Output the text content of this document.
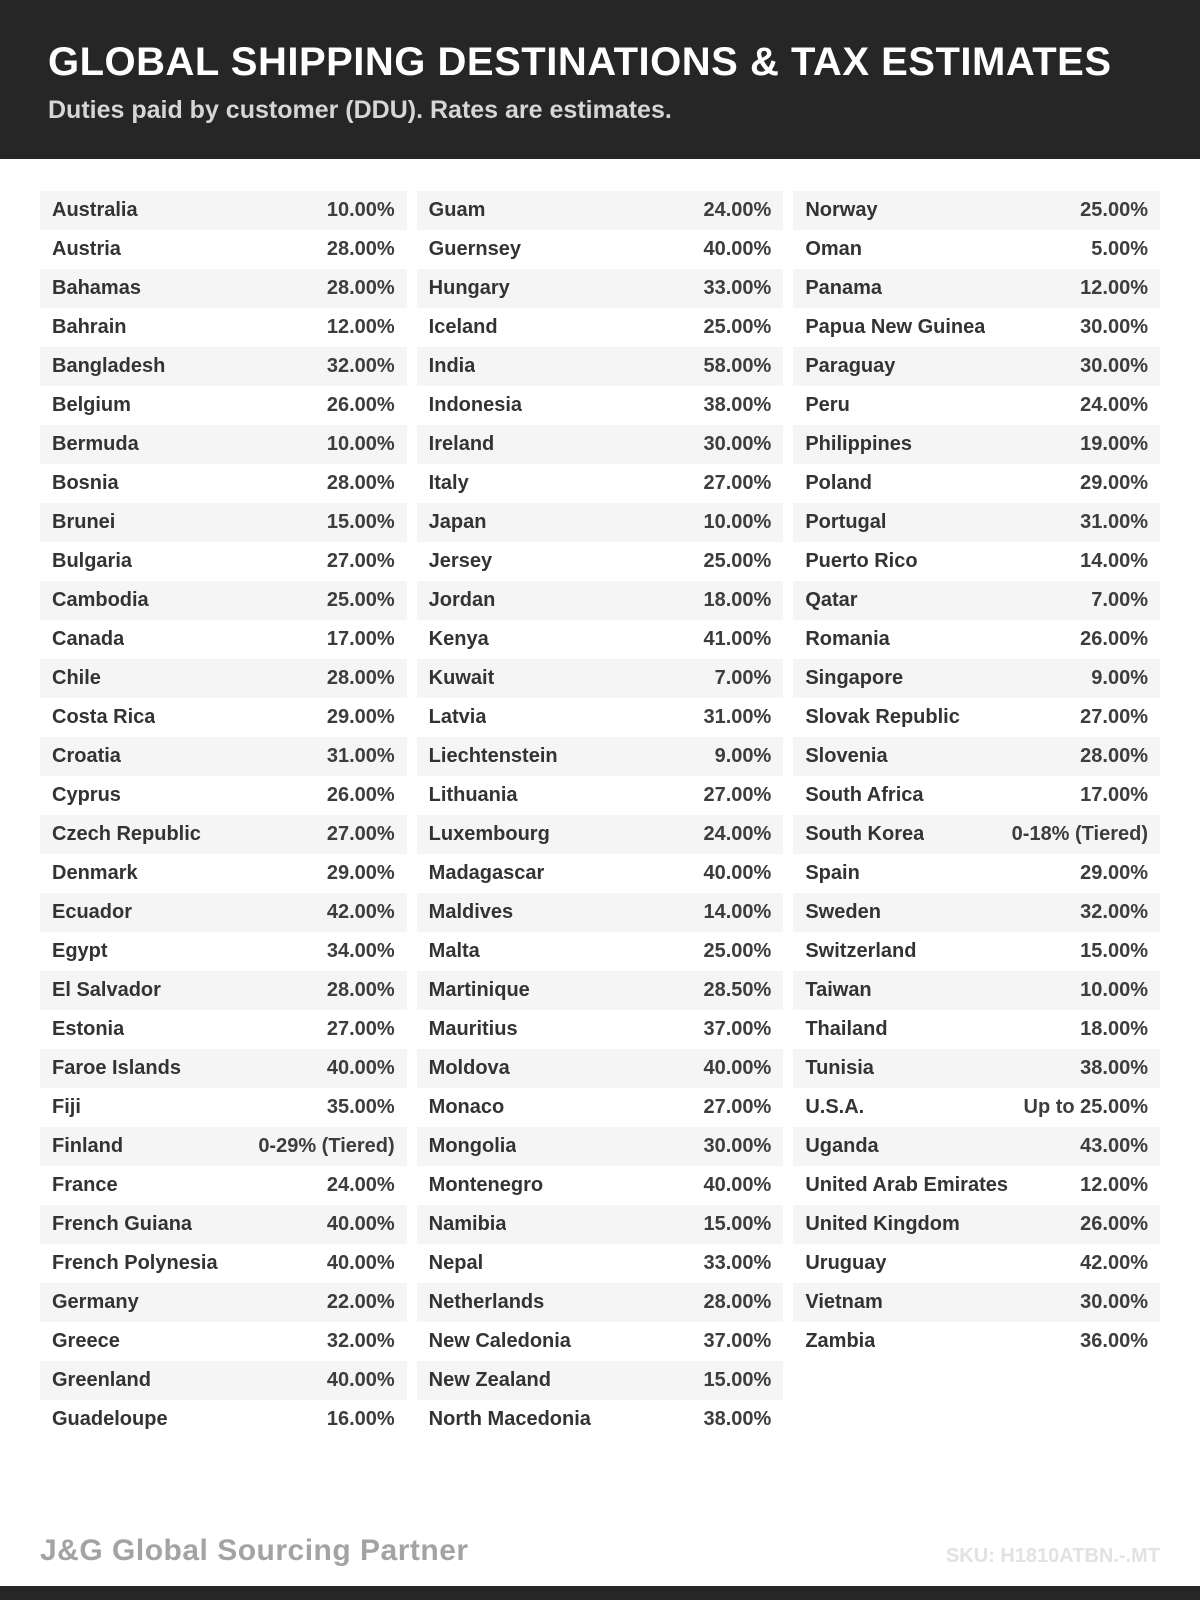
GLOBAL SHIPPING DESTINATIONS & TAX ESTIMATES
Duties paid by customer (DDU). Rates are estimates.
Australia	10.00%
Austria	28.00%
Bahamas	28.00%
Bahrain	12.00%
Bangladesh	32.00%
Belgium	26.00%
Bermuda	10.00%
Bosnia	28.00%
Brunei	15.00%
Bulgaria	27.00%
Cambodia	25.00%
Canada	17.00%
Chile	28.00%
Costa Rica	29.00%
Croatia	31.00%
Cyprus	26.00%
Czech Republic	27.00%
Denmark	29.00%
Ecuador	42.00%
Egypt	34.00%
El Salvador	28.00%
Estonia	27.00%
Faroe Islands	40.00%
Fiji	35.00%
Finland	0-29% (Tiered)
France	24.00%
French Guiana	40.00%
French Polynesia	40.00%
Germany	22.00%
Greece	32.00%
Greenland	40.00%
Guadeloupe	16.00%
Guam	24.00%
Guernsey	40.00%
Hungary	33.00%
Iceland	25.00%
India	58.00%
Indonesia	38.00%
Ireland	30.00%
Italy	27.00%
Japan	10.00%
Jersey	25.00%
Jordan	18.00%
Kenya	41.00%
Kuwait	7.00%
Latvia	31.00%
Liechtenstein	9.00%
Lithuania	27.00%
Luxembourg	24.00%
Madagascar	40.00%
Maldives	14.00%
Malta	25.00%
Martinique	28.50%
Mauritius	37.00%
Moldova	40.00%
Monaco	27.00%
Mongolia	30.00%
Montenegro	40.00%
Namibia	15.00%
Nepal	33.00%
Netherlands	28.00%
New Caledonia	37.00%
New Zealand	15.00%
North Macedonia	38.00%
Norway	25.00%
Oman	5.00%
Panama	12.00%
Papua New Guinea	30.00%
Paraguay	30.00%
Peru	24.00%
Philippines	19.00%
Poland	29.00%
Portugal	31.00%
Puerto Rico	14.00%
Qatar	7.00%
Romania	26.00%
Singapore	9.00%
Slovak Republic	27.00%
Slovenia	28.00%
South Africa	17.00%
South Korea	0-18% (Tiered)
Spain	29.00%
Sweden	32.00%
Switzerland	15.00%
Taiwan	10.00%
Thailand	18.00%
Tunisia	38.00%
U.S.A.	Up to 25.00%
Uganda	43.00%
United Arab Emirates	12.00%
United Kingdom	26.00%
Uruguay	42.00%
Vietnam	30.00%
Zambia	36.00%
J&G Global Sourcing Partner	SKU: H1810ATBN.-.MT
